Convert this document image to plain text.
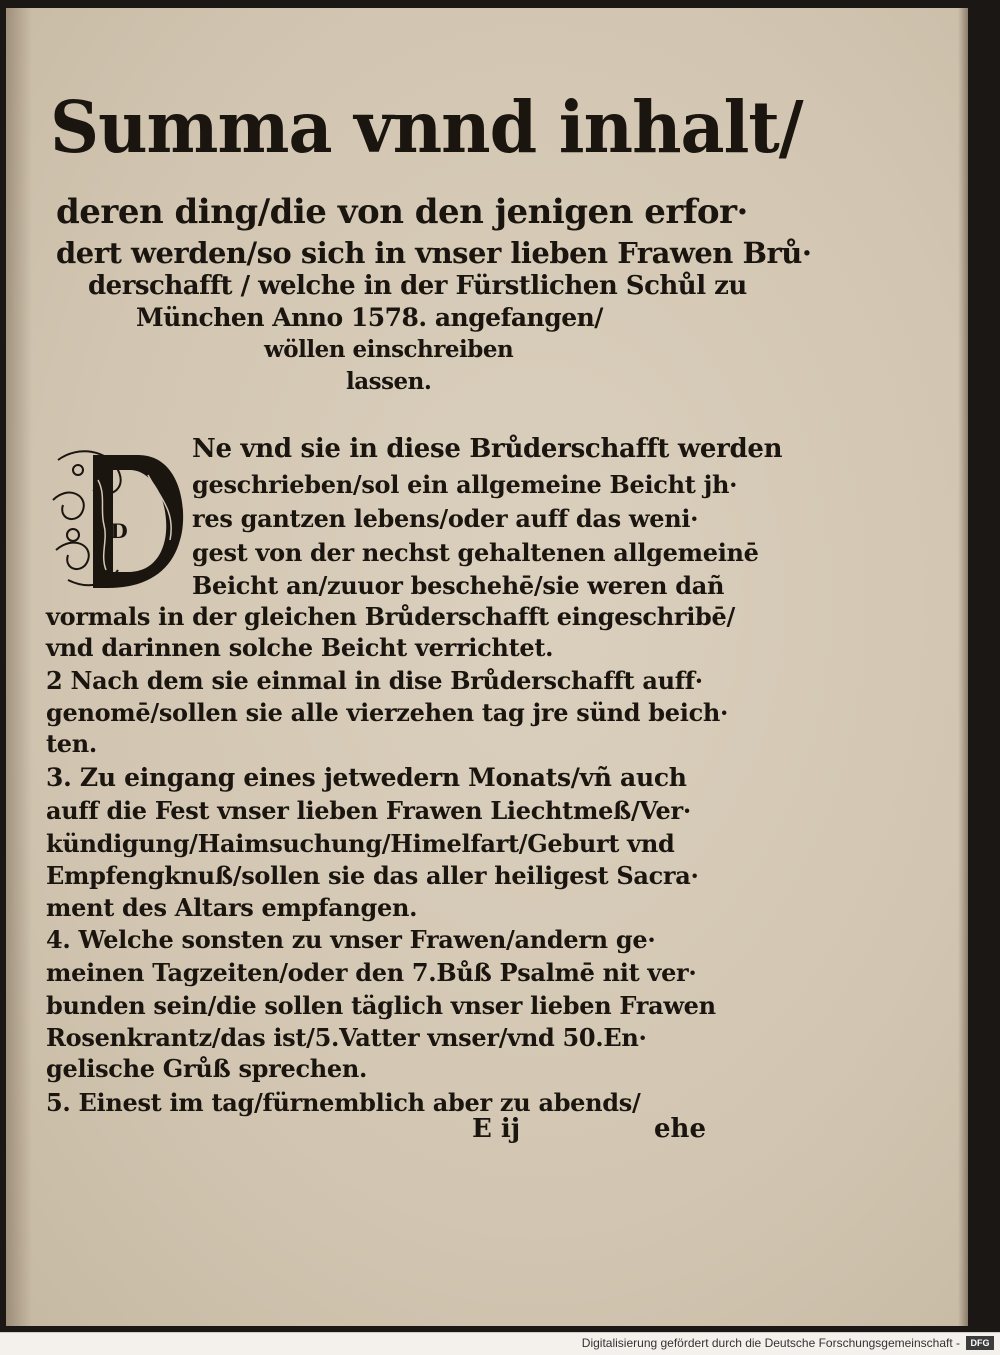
Summa vnnd inhalt/
deren ding/die von den jenigen erfor·
dert werden/so sich in vnser lieben Frawen Brů·
derschafft / welche in der Fürstlichen Schůl zu
München Anno 1578. angefangen/
wöllen einschreiben
lassen.
D
Ne vnd sie in diese Brůderschafft werden
geschrieben/sol ein allgemeine Beicht jh·
res gantzen lebens/oder auff das weni·
gest von der nechst gehaltenen allgemeinē
Beicht an/zuuor beschehē/sie weren dañ
vormals in der gleichen Brůderschafft eingeschribē/
vnd darinnen solche Beicht verrichtet.
2 Nach dem sie einmal in dise Brůderschafft auff·
genomē/sollen sie alle vierzehen tag jre sünd beich·
ten.
3. Zu eingang eines jetwedern Monats/vñ auch
auff die Fest vnser lieben Frawen Liechtmeß/Ver·
kündigung/Haimsuchung/Himelfart/Geburt vnd
Empfengknuß/sollen sie das aller heiligest Sacra·
ment des Altars empfangen.
4. Welche sonsten zu vnser Frawen/andern ge·
meinen Tagzeiten/oder den 7.Bůß Psalmē nit ver·
bunden sein/die sollen täglich vnser lieben Frawen
Rosenkrantz/das ist/5.Vatter vnser/vnd 50.En·
gelische Grůß sprechen.
5. Einest im tag/fürnemblich aber zu abends/
E ij	ehe
Digitalisierung gefördert durch die Deutsche Forschungsgemeinschaft -	DFG
